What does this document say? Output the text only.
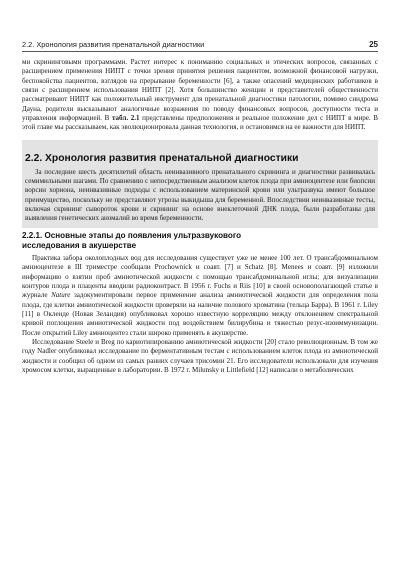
2.2. Хронология развития пренатальной диагностики	25

ми скрининговыми программами. Растет интерес к пониманию социальных и этических вопросов, связанных с расширением применения НИПТ с точки зрения принятия решения пациентом, возможной финансовой нагрузки, беспокойства пациентов, взглядов на прерывание беременности [6], а также опасений медицинских работников в связи с расширением использования НИПТ [2]. Хотя большинство женщин и представителей общественности рассматривают НИПТ как положительный инструмент для пренатальной диагностики патологии, помимо синдрома Дауна, родители высказывают аналогичные возражения по поводу финансовых вопросов, доступности теста и управления информацией. В табл. 2.1 представлены предположения и реальное положение дел с НИПТ в мире. В этой главе мы рассказываем, как эволюционировала данная технология, и остановимся на ее важности для НИПТ.

2.2. Хронология развития пренатальной диагностики

За последние шесть десятилетий область неинвазивного пренатального скрининга и диагностики развивалась семимильными шагами. По сравнению с непосредственным анализом клеток плода при амниоцентезе или биопсии ворсин хориона, неинвазивные подходы с использованием материнской крови или ультразвука имеют большое преимущество, поскольку не представляют угрозы выкидыша для беременной. Впоследствии неинвазивные тесты, включая скрининг сывороток крови и скрининг на основе внеклеточной ДНК плода, были разработаны для выявления генетических аномалий во время беременности.

2.2.1. Основные этапы до появления ультразвукового
исследования в акушерстве

Практика забора околоплодных вод для исследования существует уже не менее 100 лет. О трансабдоминальном амниоцентезе в III триместре сообщали Prochownick и соавт. [7] и Schatz [8]. Menees и соавт. [9] изложили информацию о взятии проб амниотической жидкости с помощью трансабдоминальной иглы; для визуализации контуров плода и плаценты вводили радиоконтраст. В 1956 г. Fuchs и Riis [10] в своей основополагающей статье в журнале Nature задокументировали первое применение анализа амниотической жидкости для определения пола плода, где клетки амниотической жидкости проверяли на наличие полового хроматина (тельца Барра). В 1961 г. Liley [11] в Окленде (Новая Зеландия) опубликовал хорошо известную корреляцию между отклонением спектральной кривой поглощения амниотической жидкости под воздействием билирубина и тяжестью резус-изоиммунизации. После открытий Liley амниоцентез стали широко применять в акушерстве.

Исследование Steele и Breg по кариотипированию амниотической жидкости [20] стало революционным. В том же году Nadler опубликовал исследование по ферментативным тестам с использованием клеток плода из амниотической жидкости и сообщил об одном из самых ранних случаев трисомии 21. Его исследователи использовали для изучения хромосом клетки, выращенные в лаборатории. В 1972 г. Milunsky и Littlefield [12] написали о метаболических
